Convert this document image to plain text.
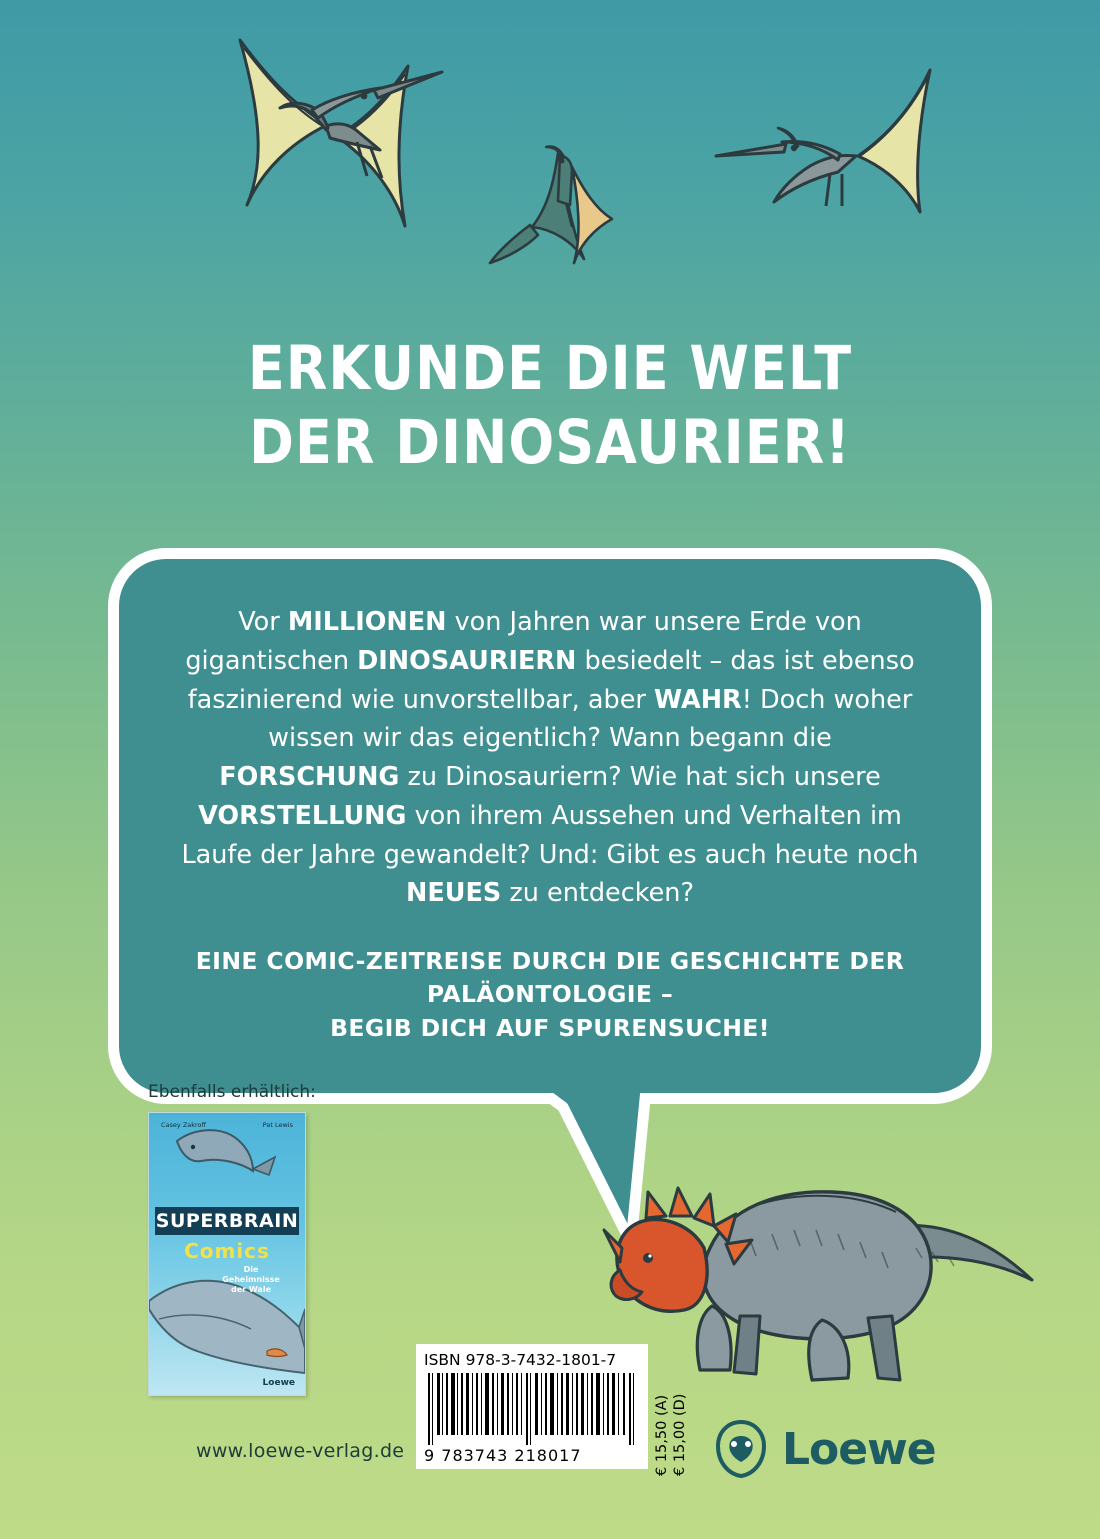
ERKUNDE DIE WELT
DER DINOSAURIER!

Vor MILLIONEN von Jahren war unsere Erde von gigantischen DINOSAURIERN besiedelt – das ist ebenso faszinierend wie unvorstellbar, aber WAHR! Doch woher wissen wir das eigentlich? Wann begann die FORSCHUNG zu Dinosauriern? Wie hat sich unsere VORSTELLUNG von ihrem Aussehen und Verhalten im Laufe der Jahre gewandelt? Und: Gibt es auch heute noch NEUES zu entdecken?

EINE COMIC-ZEITREISE DURCH DIE GESCHICHTE DER PALÄONTOLOGIE –
BEGIB DICH AUF SPURENSUCHE!

Ebenfalls erhältlich:
Casey Zakroff	Pat Lewis
SUPERBRAIN
Comics
Die
Geheimnisse
der Wale
Loewe
www.loewe-verlag.de
ISBN 978-3-7432-1801-7
9 783743 218017	€ 15,50 (A) € 15,00 (D) Loewe
